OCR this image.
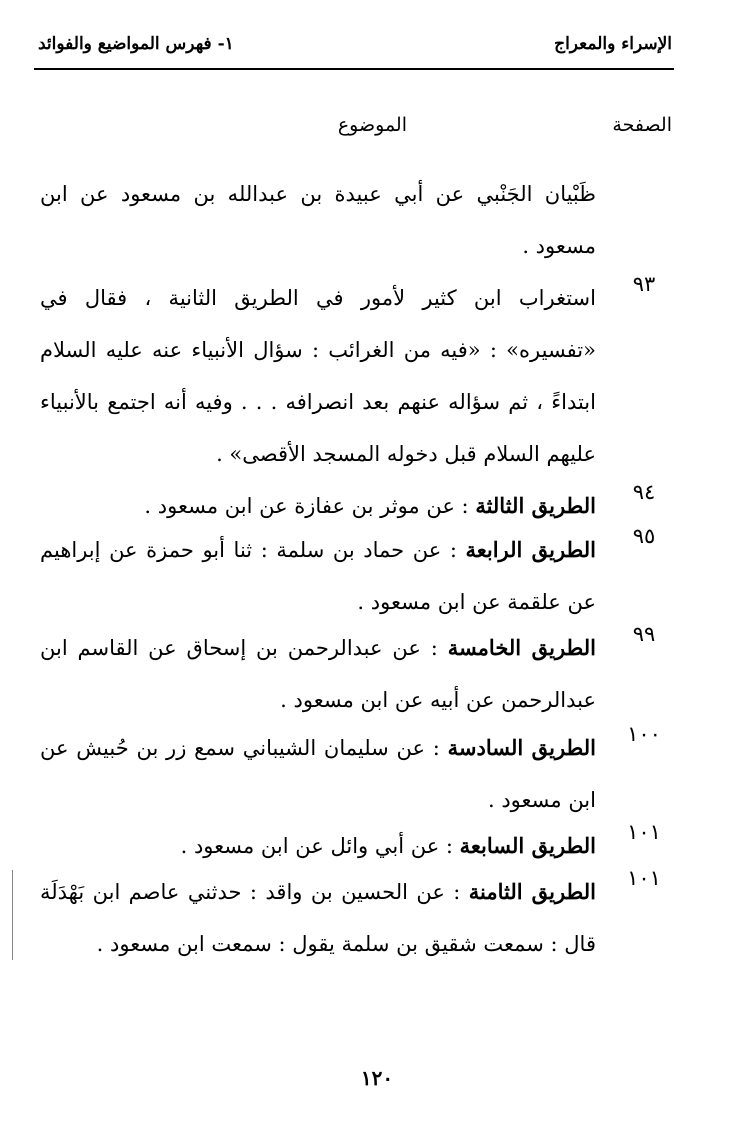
الإسراء والمعراج
١- فهرس المواضيع والفوائد
الصفحة
الموضوع
ظَبْيان الجَنْبي عن أبي عبيدة بن عبدالله بن مسعود عن ابن مسعود .
٩٣
استغراب ابن كثير لأمور في الطريق الثانية ، فقال في «تفسيره» : «فيه من الغرائب : سؤال الأنبياء عنه عليه السلام ابتداءً ، ثم سؤاله عنهم بعد انصرافه . . . وفيه أنه اجتمع بالأنبياء عليهم السلام قبل دخوله المسجد الأقصى» .
٩٤
الطريق الثالثة : عن موثر بن عفازة عن ابن مسعود .
٩٥
الطريق الرابعة : عن حماد بن سلمة : ثنا أبو حمزة عن إبراهيم عن علقمة عن ابن مسعود .
٩٩
الطريق الخامسة : عن عبدالرحمن بن إسحاق عن القاسم ابن عبدالرحمن عن أبيه عن ابن مسعود .
١٠٠
الطريق السادسة : عن سليمان الشيباني سمع زر بن حُبيش عن ابن مسعود .
١٠١
الطريق السابعة : عن أبي وائل عن ابن مسعود .
١٠١
الطريق الثامنة : عن الحسين بن واقد : حدثني عاصم ابن بَهْدَلَة قال : سمعت شقيق بن سلمة يقول : سمعت ابن مسعود .
١٢٠
